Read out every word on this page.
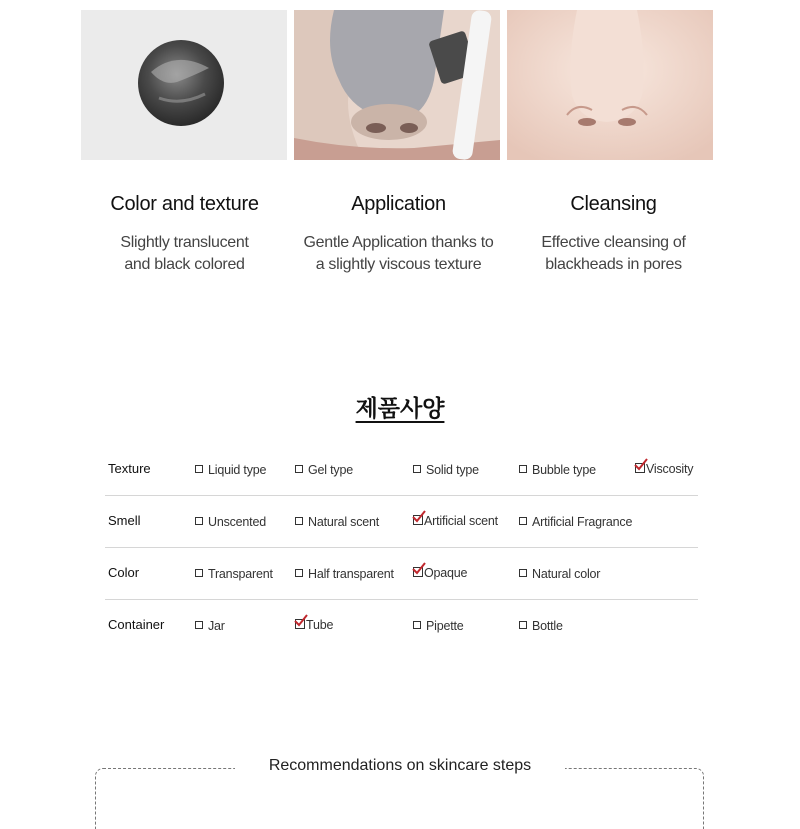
Color and texture
Slightly translucent
and black colored
Application
Gentle Application thanks to
a slightly viscous texture
Cleansing
Effective cleansing of
blackheads in pores
제품사양
Texture	Liquid type	Gel type	Solid type	Bubble type	Viscosity
Smell	Unscented	Natural scent	Artificial scent	Artificial Fragrance
Color	Transparent	Half transparent	Opaque	Natural color
Container	Jar	Tube	Pipette	Bottle
Recommendations on skincare steps
